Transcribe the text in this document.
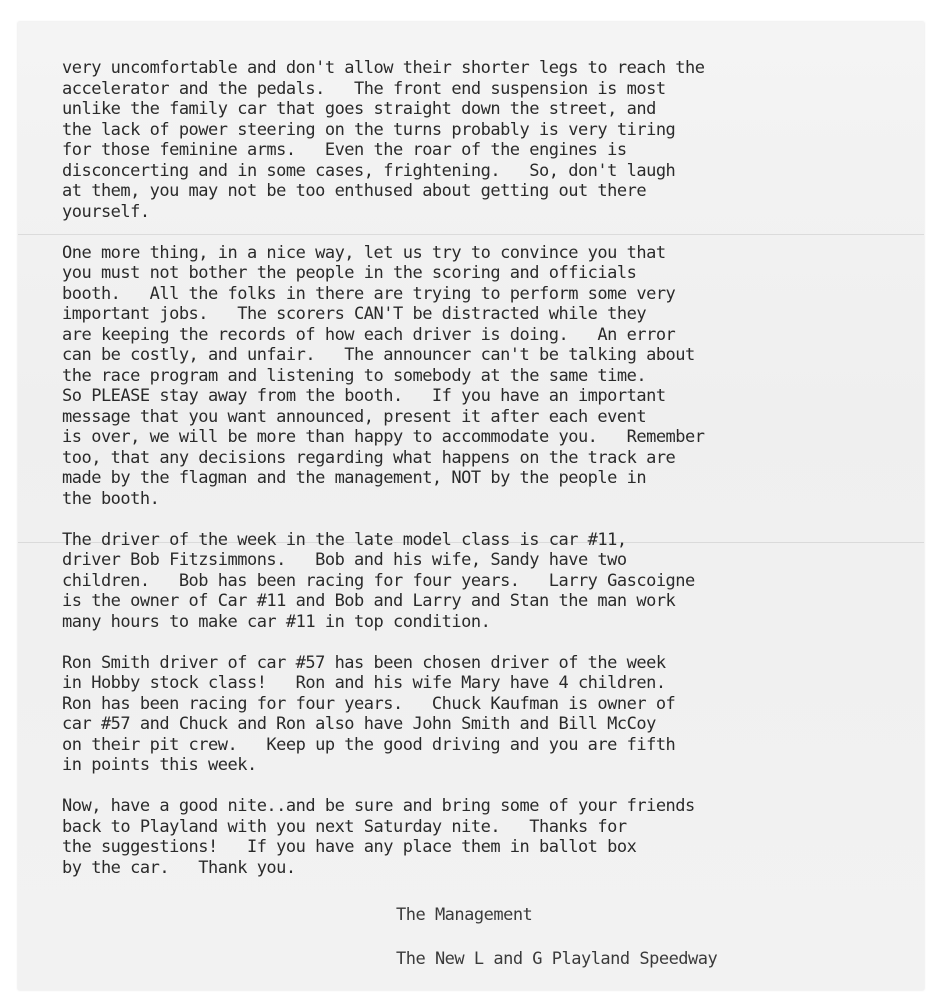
very uncomfortable and don't allow their shorter legs to reach the
accelerator and the pedals.   The front end suspension is most
unlike the family car that goes straight down the street, and
the lack of power steering on the turns probably is very tiring
for those feminine arms.   Even the roar of the engines is
disconcerting and in some cases, frightening.   So, don't laugh
at them, you may not be too enthused about getting out there
yourself.
One more thing, in a nice way, let us try to convince you that
you must not bother the people in the scoring and officials
booth.   All the folks in there are trying to perform some very
important jobs.   The scorers CAN'T be distracted while they
are keeping the records of how each driver is doing.   An error
can be costly, and unfair.   The announcer can't be talking about
the race program and listening to somebody at the same time.
So PLEASE stay away from the booth.   If you have an important
message that you want announced, present it after each event
is over, we will be more than happy to accommodate you.   Remember
too, that any decisions regarding what happens on the track are
made by the flagman and the management, NOT by the people in
the booth.
The driver of the week in the late model class is car #11,
driver Bob Fitzsimmons.   Bob and his wife, Sandy have two
children.   Bob has been racing for four years.   Larry Gascoigne
is the owner of Car #11 and Bob and Larry and Stan the man work
many hours to make car #11 in top condition.
Ron Smith driver of car #57 has been chosen driver of the week
in Hobby stock class!   Ron and his wife Mary have 4 children.
Ron has been racing for four years.   Chuck Kaufman is owner of
car #57 and Chuck and Ron also have John Smith and Bill McCoy
on their pit crew.   Keep up the good driving and you are fifth
in points this week.
Now, have a good nite..and be sure and bring some of your friends
back to Playland with you next Saturday nite.   Thanks for
the suggestions!   If you have any place them in ballot box
by the car.   Thank you.
The Management

The New L and G Playland Speedway
